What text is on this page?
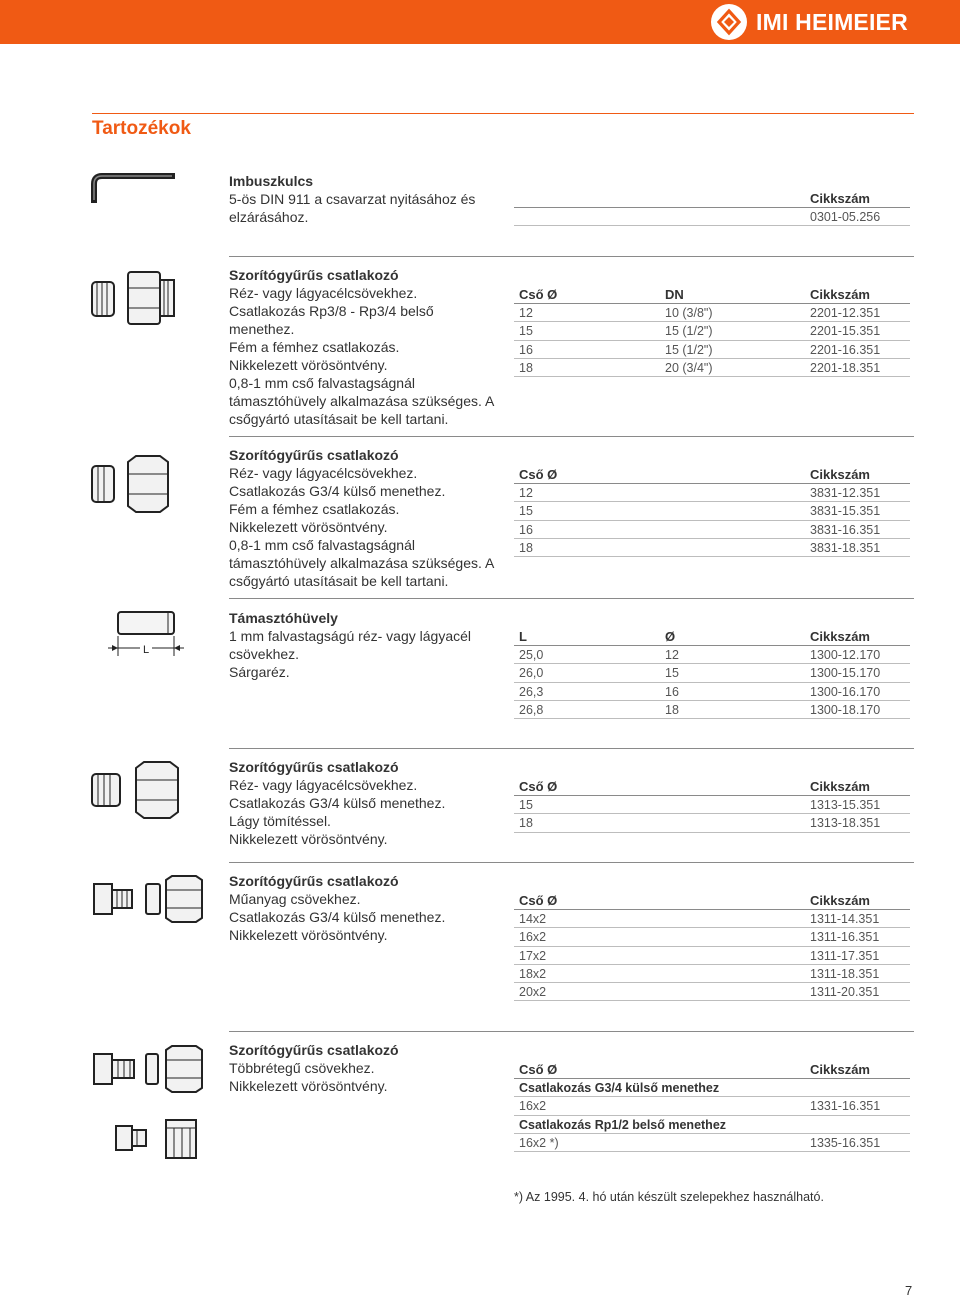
IMI HEIMEIER
Tartozékok
L
Imbuszkulcs
5-ös DIN 911 a csavarzat nyitásához és
elzárásához.
Cikkszám
0301-05.256
Szorítógyűrűs csatlakozó
Réz- vagy lágyacélcsövekhez.
Csatlakozás Rp3/8 - Rp3/4 belső
menethez.
Fém a fémhez csatlakozás.
Nikkelezett vörösöntvény.
0,8-1 mm cső falvastagságnál
támasztóhüvely alkalmazása szükséges. A
csőgyártó utasításait be kell tartani.
Cső Ø	DN	Cikkszám
12	10 (3/8")	2201-12.351
15	15 (1/2")	2201-15.351
16	15 (1/2")	2201-16.351
18	20 (3/4")	2201-18.351
Szorítógyűrűs csatlakozó
Réz- vagy lágyacélcsövekhez.
Csatlakozás G3/4 külső menethez.
Fém a fémhez csatlakozás.
Nikkelezett vörösöntvény.
0,8-1 mm cső falvastagságnál
támasztóhüvely alkalmazása szükséges. A
csőgyártó utasításait be kell tartani.
Cső Ø	Cikkszám
12	3831-12.351
15	3831-15.351
16	3831-16.351
18	3831-18.351
Támasztóhüvely
1 mm falvastagságú réz- vagy lágyacél
csövekhez.
Sárgaréz.
L	Ø	Cikkszám
25,0	12	1300-12.170
26,0	15	1300-15.170
26,3	16	1300-16.170
26,8	18	1300-18.170
Szorítógyűrűs csatlakozó
Réz- vagy lágyacélcsövekhez.
Csatlakozás G3/4 külső menethez.
Lágy tömítéssel.
Nikkelezett vörösöntvény.
Cső Ø	Cikkszám
15	1313-15.351
18	1313-18.351
Szorítógyűrűs csatlakozó
Műanyag csövekhez.
Csatlakozás G3/4 külső menethez.
Nikkelezett vörösöntvény.
Cső Ø	Cikkszám
14x2	1311-14.351
16x2	1311-16.351
17x2	1311-17.351
18x2	1311-18.351
20x2	1311-20.351
Szorítógyűrűs csatlakozó
Többrétegű csövekhez.
Nikkelezett vörösöntvény.
Cső Ø	Cikkszám
Csatlakozás G3/4 külső menethez
16x2	1331-16.351
Csatlakozás Rp1/2 belső menethez
16x2 *)	1335-16.351
*) Az 1995. 4. hó után készült szelepekhez használható.
7
